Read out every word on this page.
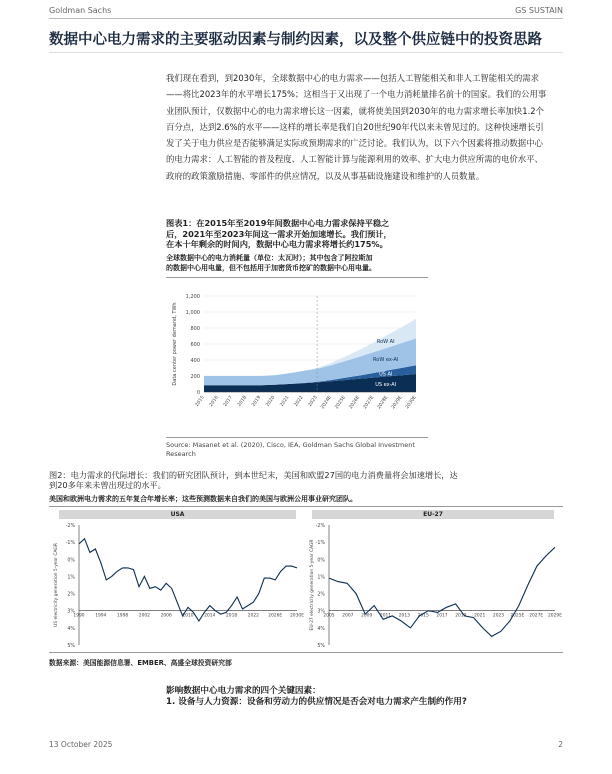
Goldman Sachs	GS SUSTAIN
数据中心电力需求的主要驱动因素与制约因素，以及整个供应链中的投资思路
我们现在看到，到2030年，全球数据中心的电力需求——包括人工智能相关和非人工智能相关的需求
——将比2023年的水平增长175%；这相当于又出现了一个电力消耗量排名前十的国家。我们的公用事
业团队预计，仅数据中心的电力需求增长这一因素，就将使美国到2030年的电力需求增长率加快1.2个
百分点，达到2.6%的水平——这样的增长率是我们自20世纪90年代以来未曾见过的。这种快速增长引
发了关于电力供应是否能够满足实际或预期需求的广泛讨论。我们认为，以下六个因素将推动数据中心
的电力需求：人工智能的普及程度、人工智能计算与能源利用的效率、扩大电力供应所需的电价水平、
政府的政策激励措施、零部件的供应情况，以及从事基础设施建设和维护的人员数量。
图表1：在2015年至2019年间数据中心电力需求保持平稳之
后，2021年至2023年间这一需求开始加速增长。我们预计，
在本十年剩余的时间内，数据中心电力需求将增长约175%。
全球数据中心的电力消耗量（单位：太瓦时）；其中包含了阿拉斯加
的数据中心用电量，但不包括用于加密货币挖矿的数据中心用电量。
0
200
400
600
800
1,000
1,200
US ex-AI
US AI
RoW ex-AI
RoW AI
2015 2016 2017 2018 2019 2020 2021 2022 2023 2024E 2025E 2026E 2027E 2028E 2029E 2030E
Data center power demand, TWh
Source: Masanet et al. (2020), Cisco, IEA, Goldman Sachs Global Investment
Research
图2：电力需求的代际增长：我们的研究团队预计，到本世纪末，美国和欧盟27国的电力消费量将会加速增长，达
到20多年来未曾出现过的水平。
美国和欧洲电力需求的五年复合年增长率；这些预测数据来自我们的美国与欧洲公用事业研究团队。
USA	EU-27
-2%
-1%
0%
1%
2%
3%
4%
5%
1990 1994 1998 2002 2006 2010 2014 2018 2022 2026E 2030E
US electricity generation 5-year CAGR
-2%
-1%
0%
1%
2%
3%
4%
5%
2005 2007 2009 2011 2013 2015 2017 2019 2021 2023 2025E 2027E 2029E
EU-27 electricity generation 5-year CAGR
数据来源：美国能源信息署、EMBER、高盛全球投资研究部
影响数据中心电力需求的四个关键因素：
1. 设备与人力资源：设备和劳动力的供应情况是否会对电力需求产生制约作用?
13 October 2025	2
